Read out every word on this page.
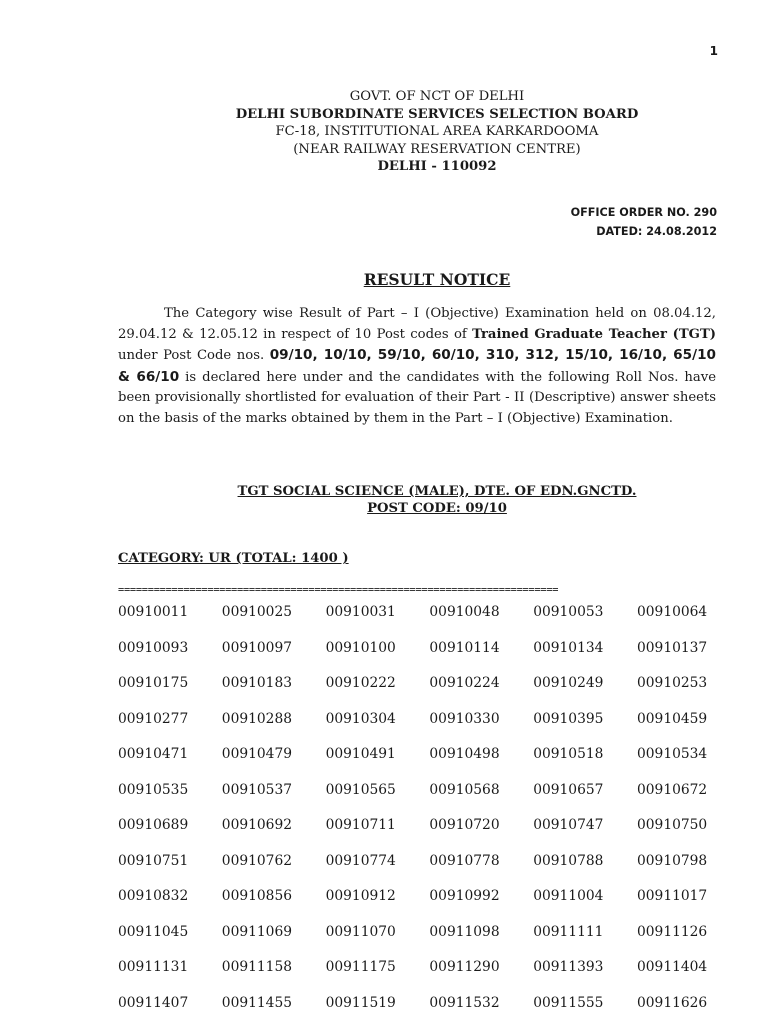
1
GOVT. OF NCT OF DELHI
DELHI SUBORDINATE SERVICES SELECTION BOARD
FC-18, INSTITUTIONAL AREA KARKARDOOMA
(NEAR RAILWAY RESERVATION CENTRE)
DELHI - 110092
OFFICE ORDER NO. 290
DATED: 24.08.2012
RESULT NOTICE
The Category wise Result of Part – I (Objective) Examination held on 08.04.12, 29.04.12 & 12.05.12 in respect of 10 Post codes of Trained Graduate Teacher (TGT) under Post Code nos. 09/10, 10/10, 59/10, 60/10, 310, 312, 15/10, 16/10, 65/10 & 66/10 is declared here under and the candidates with the following Roll Nos. have been provisionally shortlisted for evaluation of their Part - II (Descriptive) answer sheets on the basis of the marks obtained by them in the Part – I (Objective) Examination.
TGT SOCIAL SCIENCE (MALE), DTE. OF EDN.GNCTD.
POST CODE: 09/10
CATEGORY: UR (TOTAL: 1400 )
==========================================================================
00910011	00910025	00910031	00910048	00910053	00910064
00910093	00910097	00910100	00910114	00910134	00910137
00910175	00910183	00910222	00910224	00910249	00910253
00910277	00910288	00910304	00910330	00910395	00910459
00910471	00910479	00910491	00910498	00910518	00910534
00910535	00910537	00910565	00910568	00910657	00910672
00910689	00910692	00910711	00910720	00910747	00910750
00910751	00910762	00910774	00910778	00910788	00910798
00910832	00910856	00910912	00910992	00911004	00911017
00911045	00911069	00911070	00911098	00911111	00911126
00911131	00911158	00911175	00911290	00911393	00911404
00911407	00911455	00911519	00911532	00911555	00911626
